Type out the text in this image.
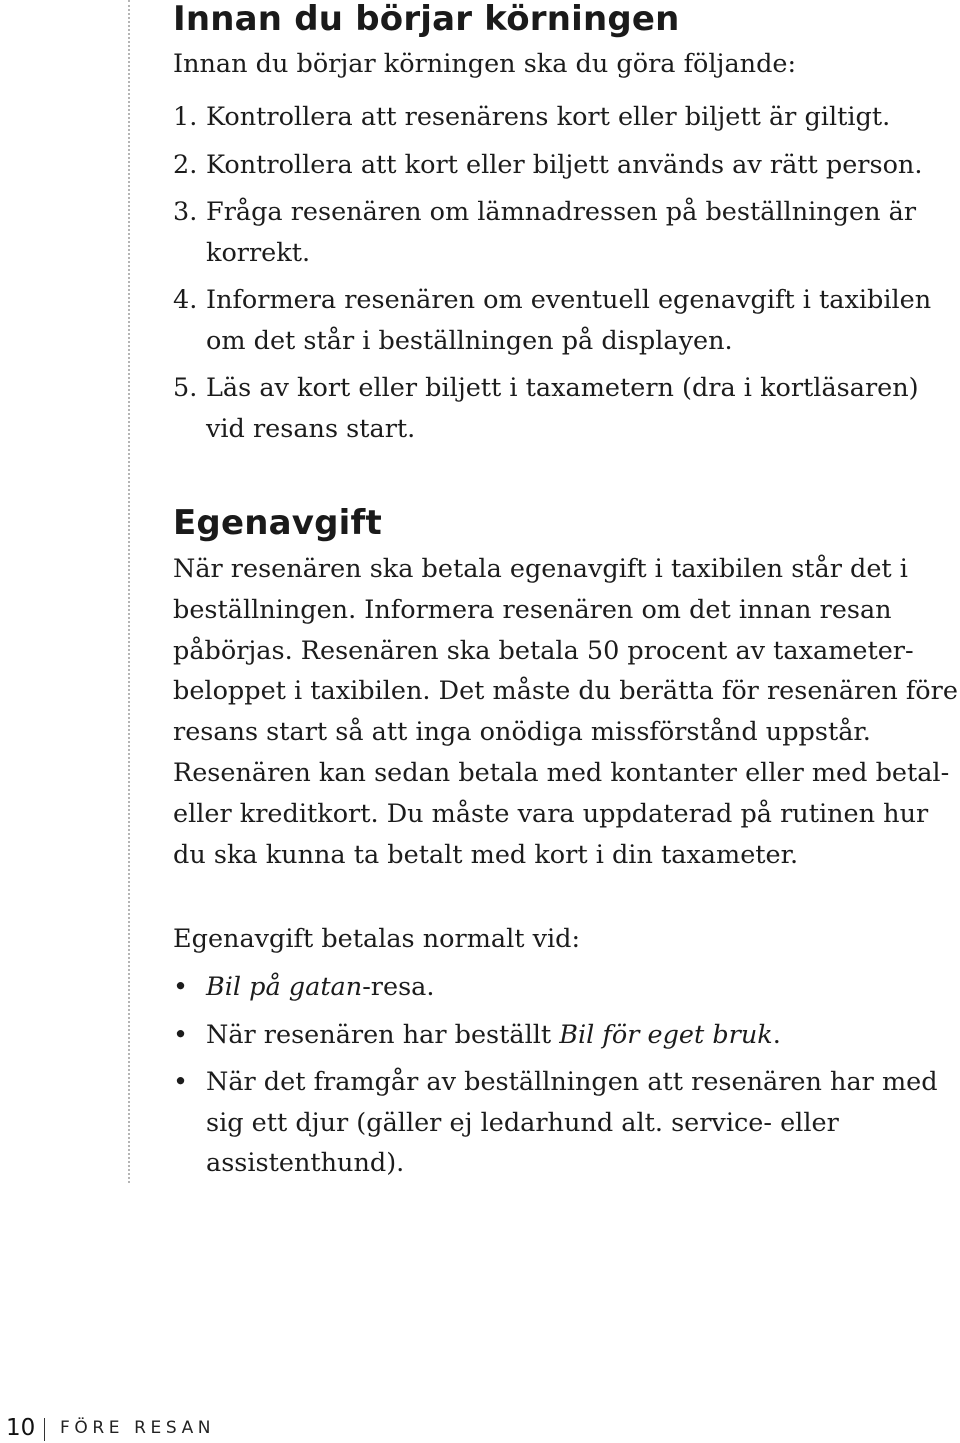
Innan du börjar körningen

Innan du börjar körningen ska du göra följande:

1. Kontrollera att resenärens kort eller biljett är giltigt.
2. Kontrollera att kort eller biljett används av rätt person.
3. Fråga resenären om lämnadressen på beställningen är korrekt.
4. Informera resenären om eventuell egenavgift i taxibilen om det står i beställningen på displayen.
5. Läs av kort eller biljett i taxametern (dra i kortläsaren) vid resans start.
Egenavgift

När resenären ska betala egenavgift i taxibilen står det i beställningen. Informera resenären om det innan resan påbörjas. Resenären ska betala 50 procent av taxameter-beloppet i taxibilen. Det måste du berätta för resenären före resans start så att inga onödiga missförstånd uppstår. Resenären kan sedan betala med kontanter eller med betal- eller kreditkort. Du måste vara uppdaterad på rutinen hur du ska kunna ta betalt med kort i din taxameter.

Egenavgift betalas normalt vid:

• Bil på gatan-resa.
• När resenären har beställt Bil för eget bruk.
• När det framgår av beställningen att resenären har med sig ett djur (gäller ej ledarhund alt. service- eller assistenthund).
10 FÖRE RESAN
